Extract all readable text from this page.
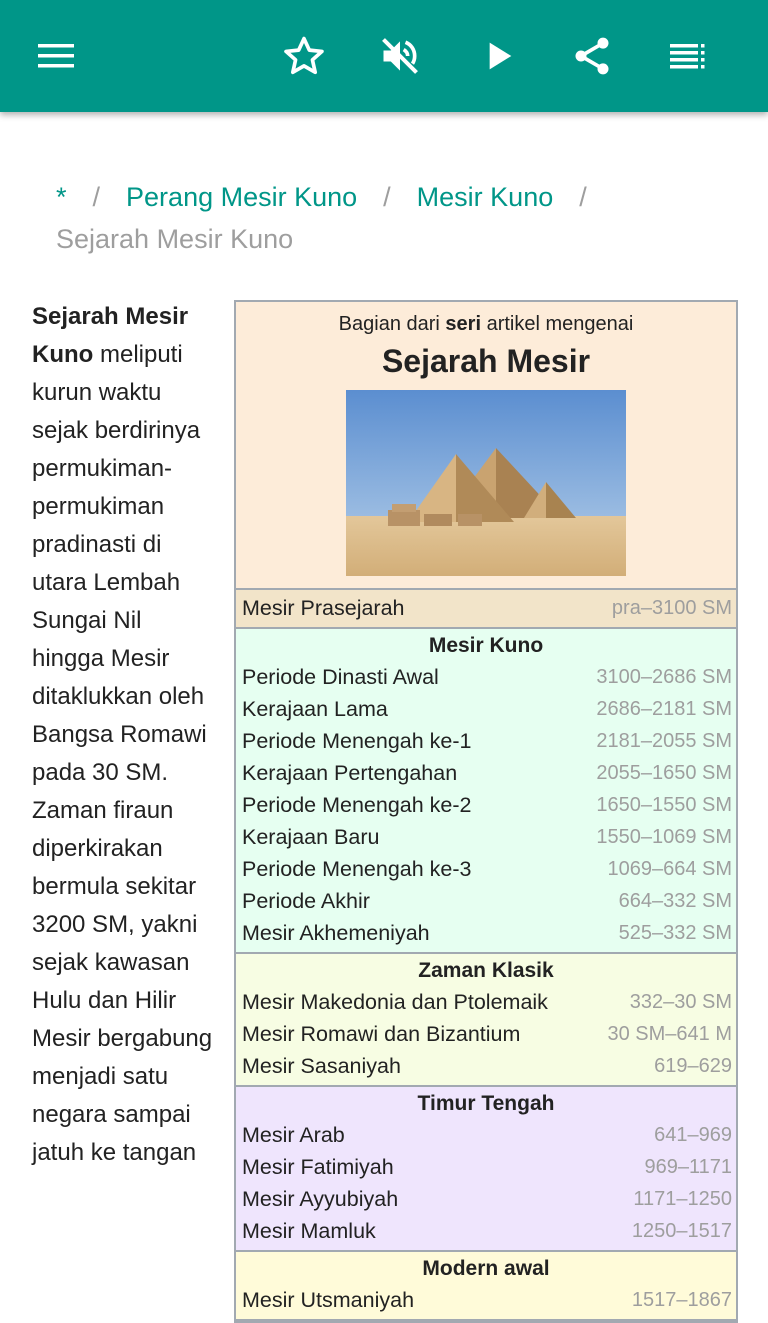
* / Perang Mesir Kuno / Mesir Kuno /
Sejarah Mesir Kuno
Sejarah Mesir Kuno meliputi kurun waktu sejak berdirinya permukiman-permukiman pradinasti di utara Lembah Sungai Nil hingga Mesir ditaklukkan oleh Bangsa Romawi pada 30 SM. Zaman firaun diperkirakan bermula sekitar 3200 SM, yakni sejak kawasan Hulu dan Hilir Mesir bergabung menjadi satu negara sampai jatuh ke tangan
Bagian dari seri artikel mengenai
Sejarah Mesir
Mesir Prasejarah	pra–3100 SM
Mesir Kuno
Periode Dinasti Awal	3100–2686 SM
Kerajaan Lama	2686–2181 SM
Periode Menengah ke-1	2181–2055 SM
Kerajaan Pertengahan	2055–1650 SM
Periode Menengah ke-2	1650–1550 SM
Kerajaan Baru	1550–1069 SM
Periode Menengah ke-3	1069–664 SM
Periode Akhir	664–332 SM
Mesir Akhemeniyah	525–332 SM
Zaman Klasik
Mesir Makedonia dan Ptolemaik	332–30 SM
Mesir Romawi dan Bizantium	30 SM–641 M
Mesir Sasaniyah	619–629
Timur Tengah
Mesir Arab	641–969
Mesir Fatimiyah	969–1171
Mesir Ayyubiyah	1171–1250
Mesir Mamluk	1250–1517
Modern awal
Mesir Utsmaniyah	1517–1867
